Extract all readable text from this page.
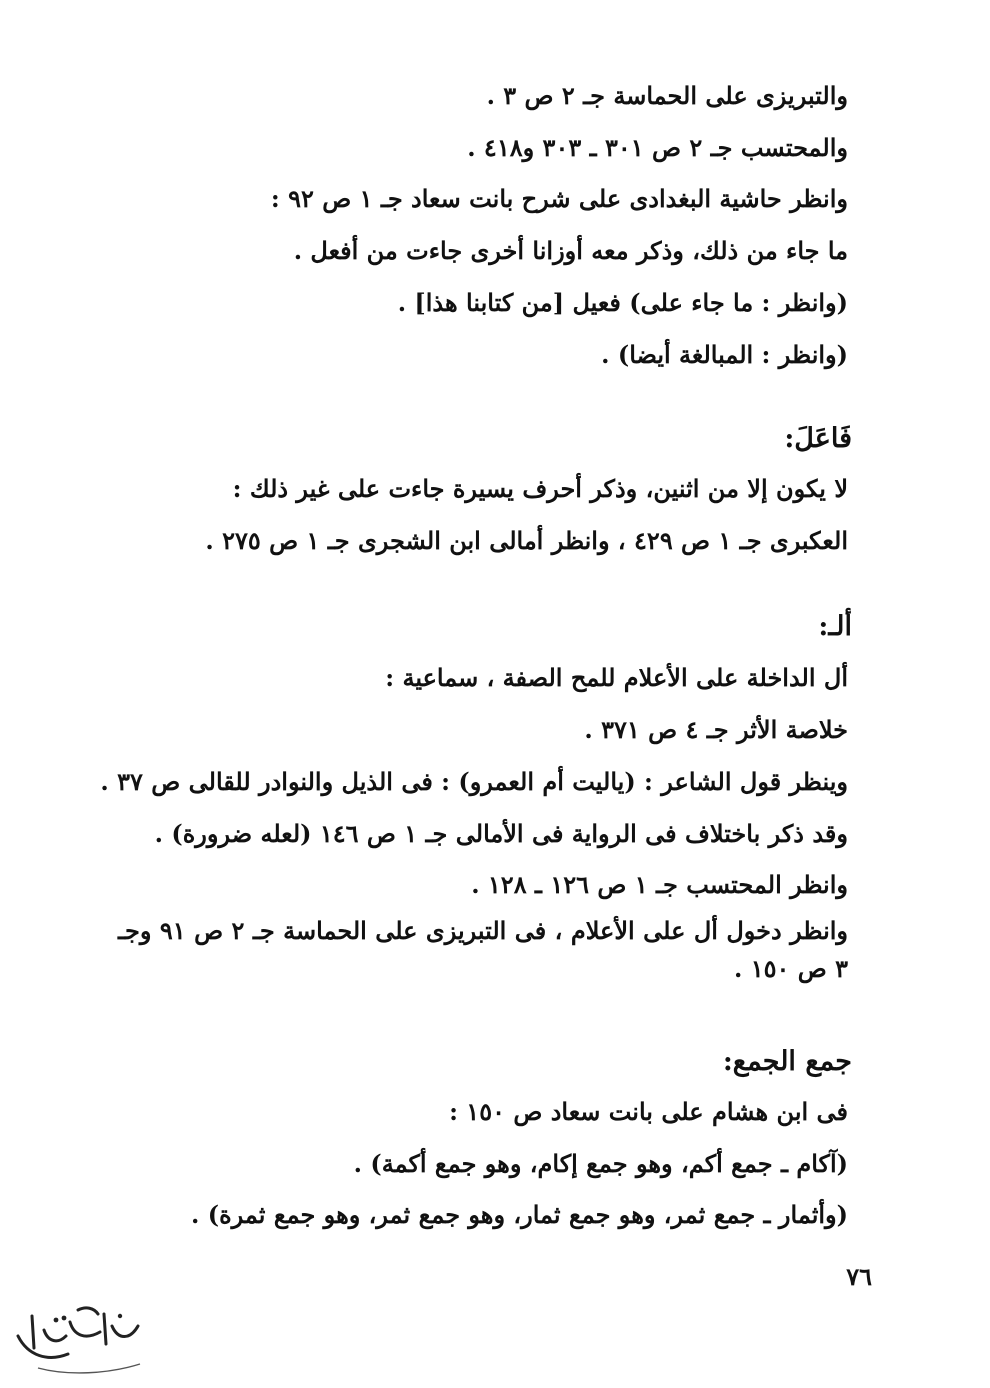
والتبريزى على الحماسة جـ ٢ ص ٣ .
والمحتسب جـ ٢ ص ٣٠١ ـ ٣٠٣ و٤١٨ .
وانظر حاشية البغدادى على شرح بانت سعاد جـ ١ ص ٩٢ :
ما جاء من ذلك، وذكر معه أوزانا أخرى جاءت من أفعل .
(وانظر : ما جاء على) فعيل [من كتابنا هذا] .
(وانظر : المبالغة أيضا) .
فَاعَلَ:
لا يكون إلا من اثنين، وذكر أحرف يسيرة جاءت على غير ذلك :
العكبرى جـ ١ ص ٤٢٩ ، وانظر أمالى ابن الشجرى جـ ١ ص ٢٧٥ .
ألـ:
أل الداخلة على الأعلام للمح الصفة ، سماعية :
خلاصة الأثر جـ ٤ ص ٣٧١ .
وينظر قول الشاعر : (ياليت أم العمرو) : فى الذيل والنوادر للقالى ص ٣٧ .
وقد ذكر باختلاف فى الرواية فى الأمالى جـ ١ ص ١٤٦ (لعله ضرورة) .
وانظر المحتسب جـ ١ ص ١٢٦ ـ ١٢٨ .
وانظر دخول أل على الأعلام ، فى التبريزى على الحماسة جـ ٢ ص ٩١ وجـ ٣ ص ١٥٠ .
جمع الجمع:
فى ابن هشام على بانت سعاد ص ١٥٠ :
(آكام ـ جمع أكم، وهو جمع إكام، وهو جمع أكمة) .
(وأثمار ـ جمع ثمر، وهو جمع ثمار، وهو جمع ثمر، وهو جمع ثمرة) .
٧٦
